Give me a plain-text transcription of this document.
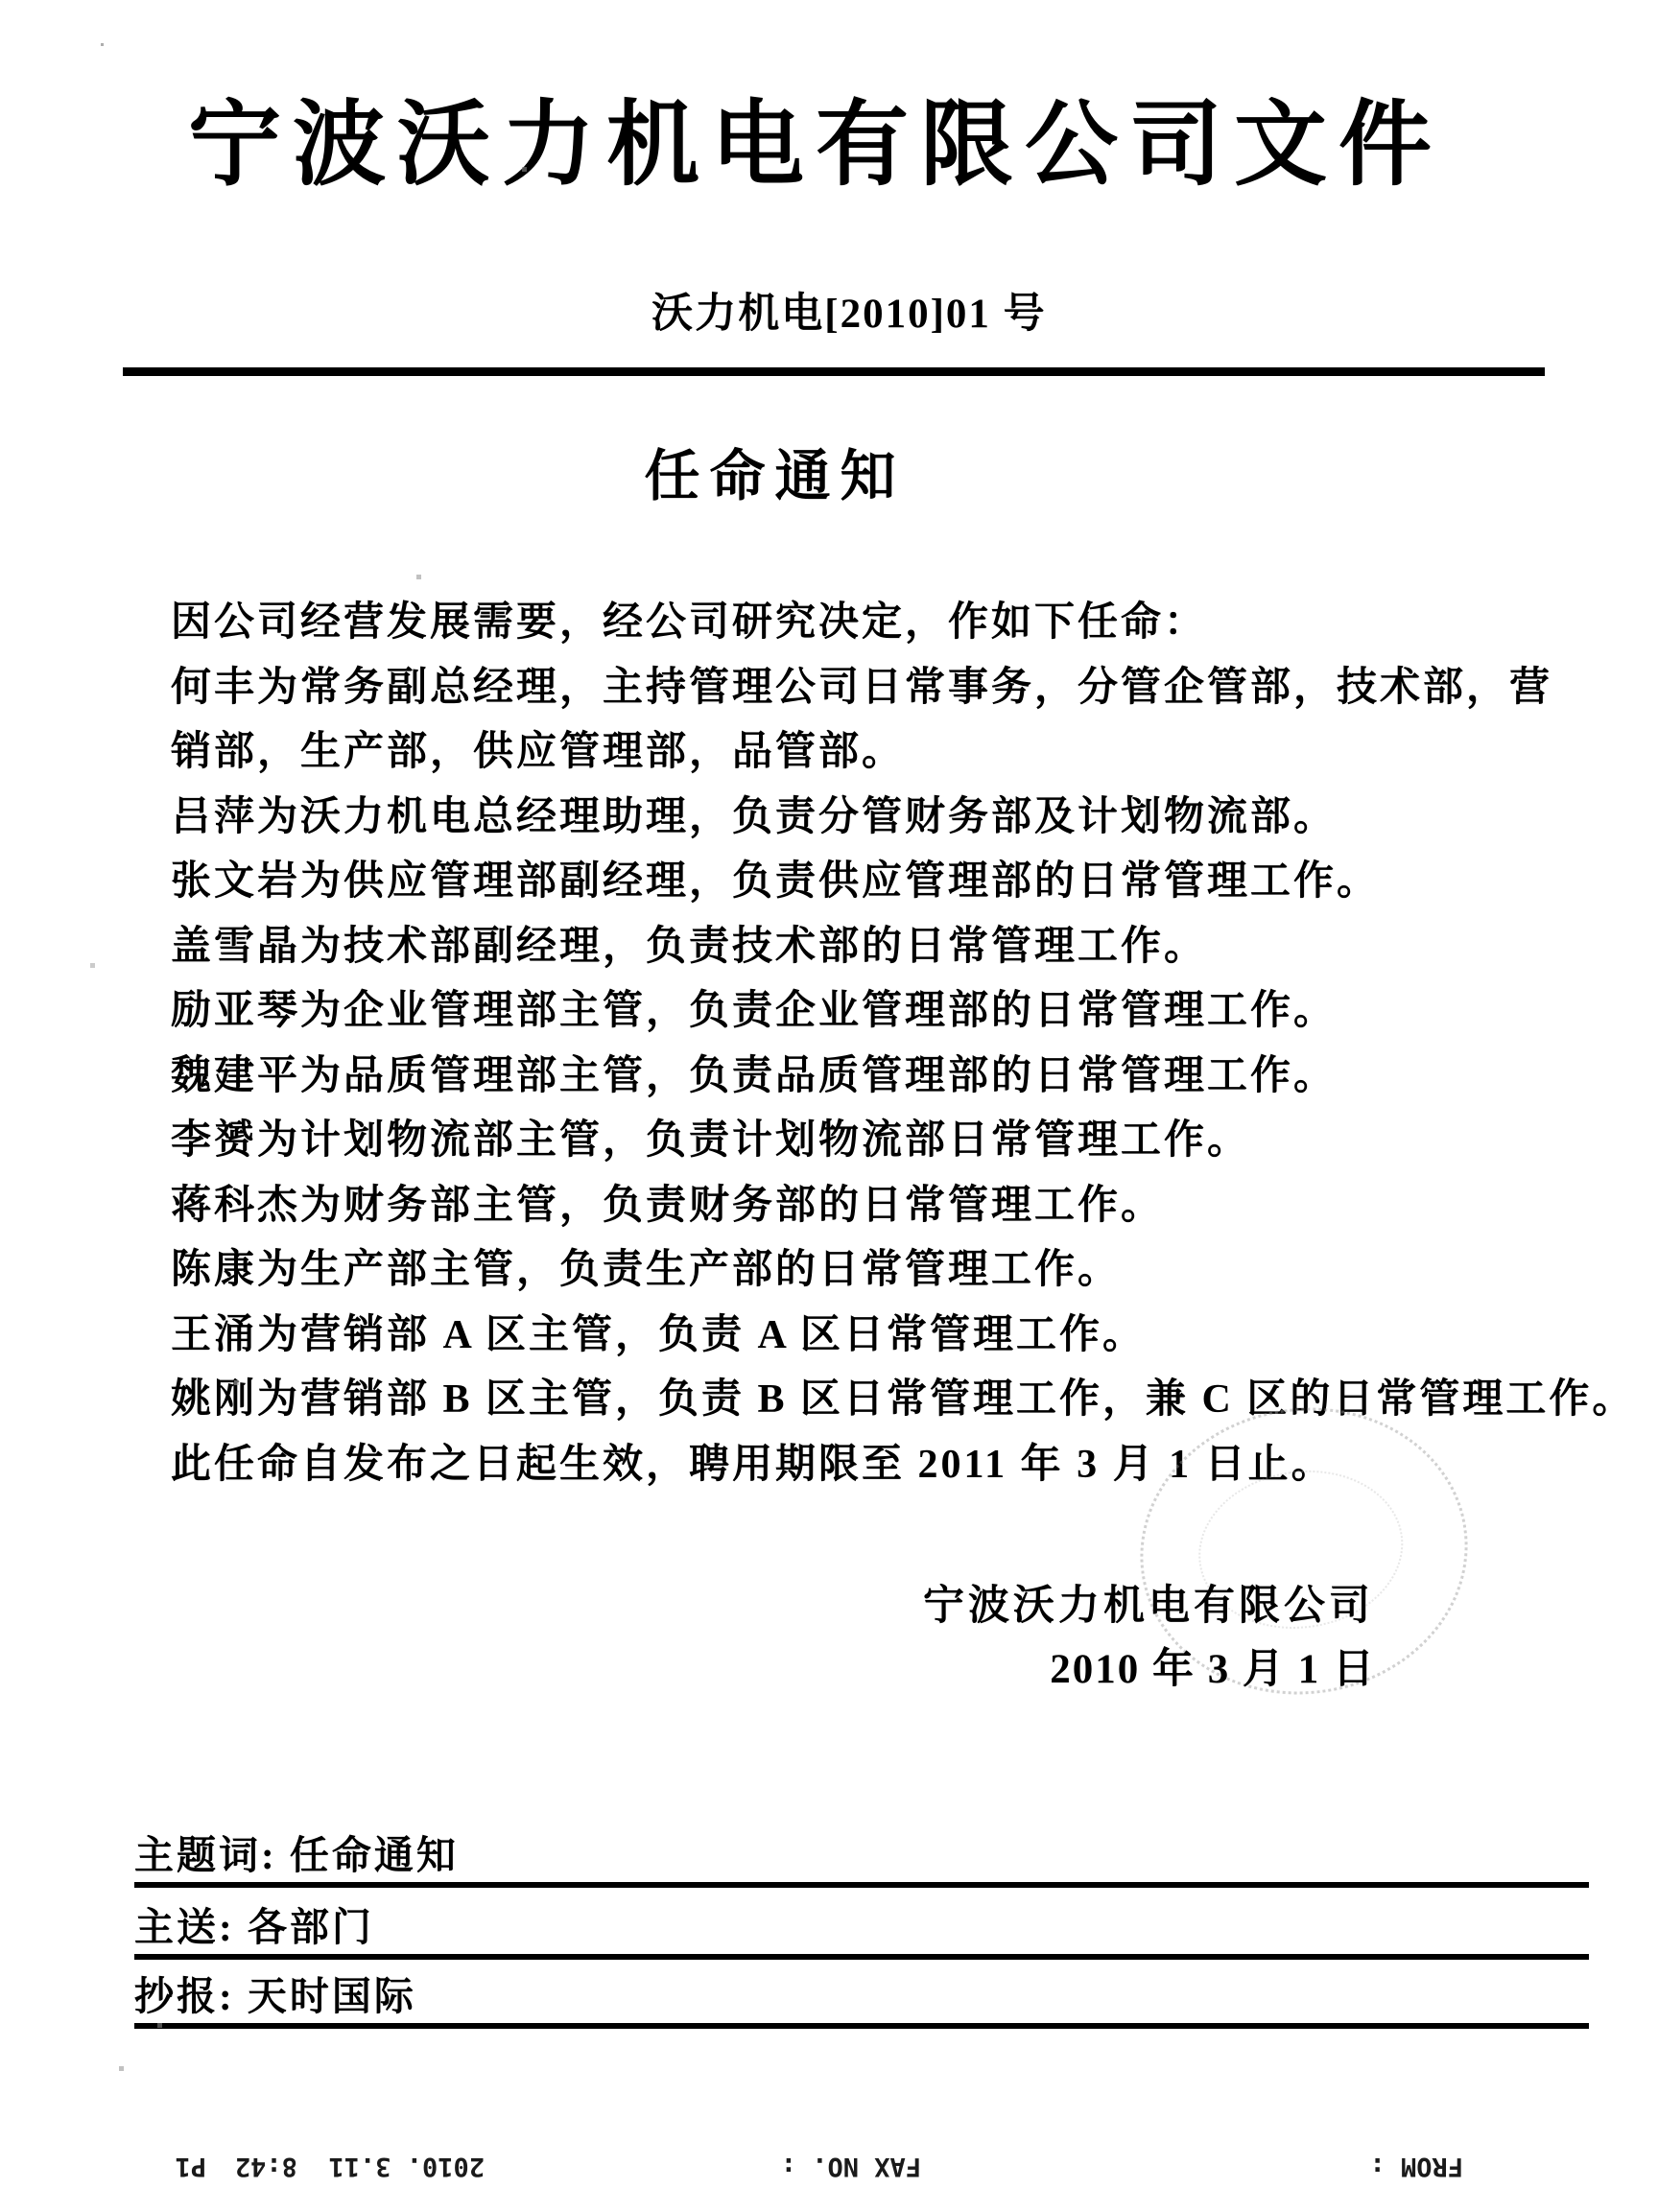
宁波沃力机电有限公司文件
沃力机电[2010]01 号
任命通知
因公司经营发展需要，经公司研究决定，作如下任命：
何丰为常务副总经理，主持管理公司日常事务，分管企管部，技术部，营
销部，生产部，供应管理部，品管部。
吕萍为沃力机电总经理助理，负责分管财务部及计划物流部。
张文岩为供应管理部副经理，负责供应管理部的日常管理工作。
盖雪晶为技术部副经理，负责技术部的日常管理工作。
励亚琴为企业管理部主管，负责企业管理部的日常管理工作。
魏建平为品质管理部主管，负责品质管理部的日常管理工作。
李赟为计划物流部主管，负责计划物流部日常管理工作。
蒋科杰为财务部主管，负责财务部的日常管理工作。
陈康为生产部主管，负责生产部的日常管理工作。
王涌为营销部 A 区主管，负责 A 区日常管理工作。
姚刚为营销部 B 区主管，负责 B 区日常管理工作，兼 C 区的日常管理工作。
此任命自发布之日起生效，聘用期限至 2011 年 3 月 1 日止。
宁波沃力机电有限公司
2010 年 3 月 1 日
主题词: 任命通知
主送: 各部门
抄报: 天时国际
FROM :
FAX NO. :
2010. 3.11  8:42
P1
